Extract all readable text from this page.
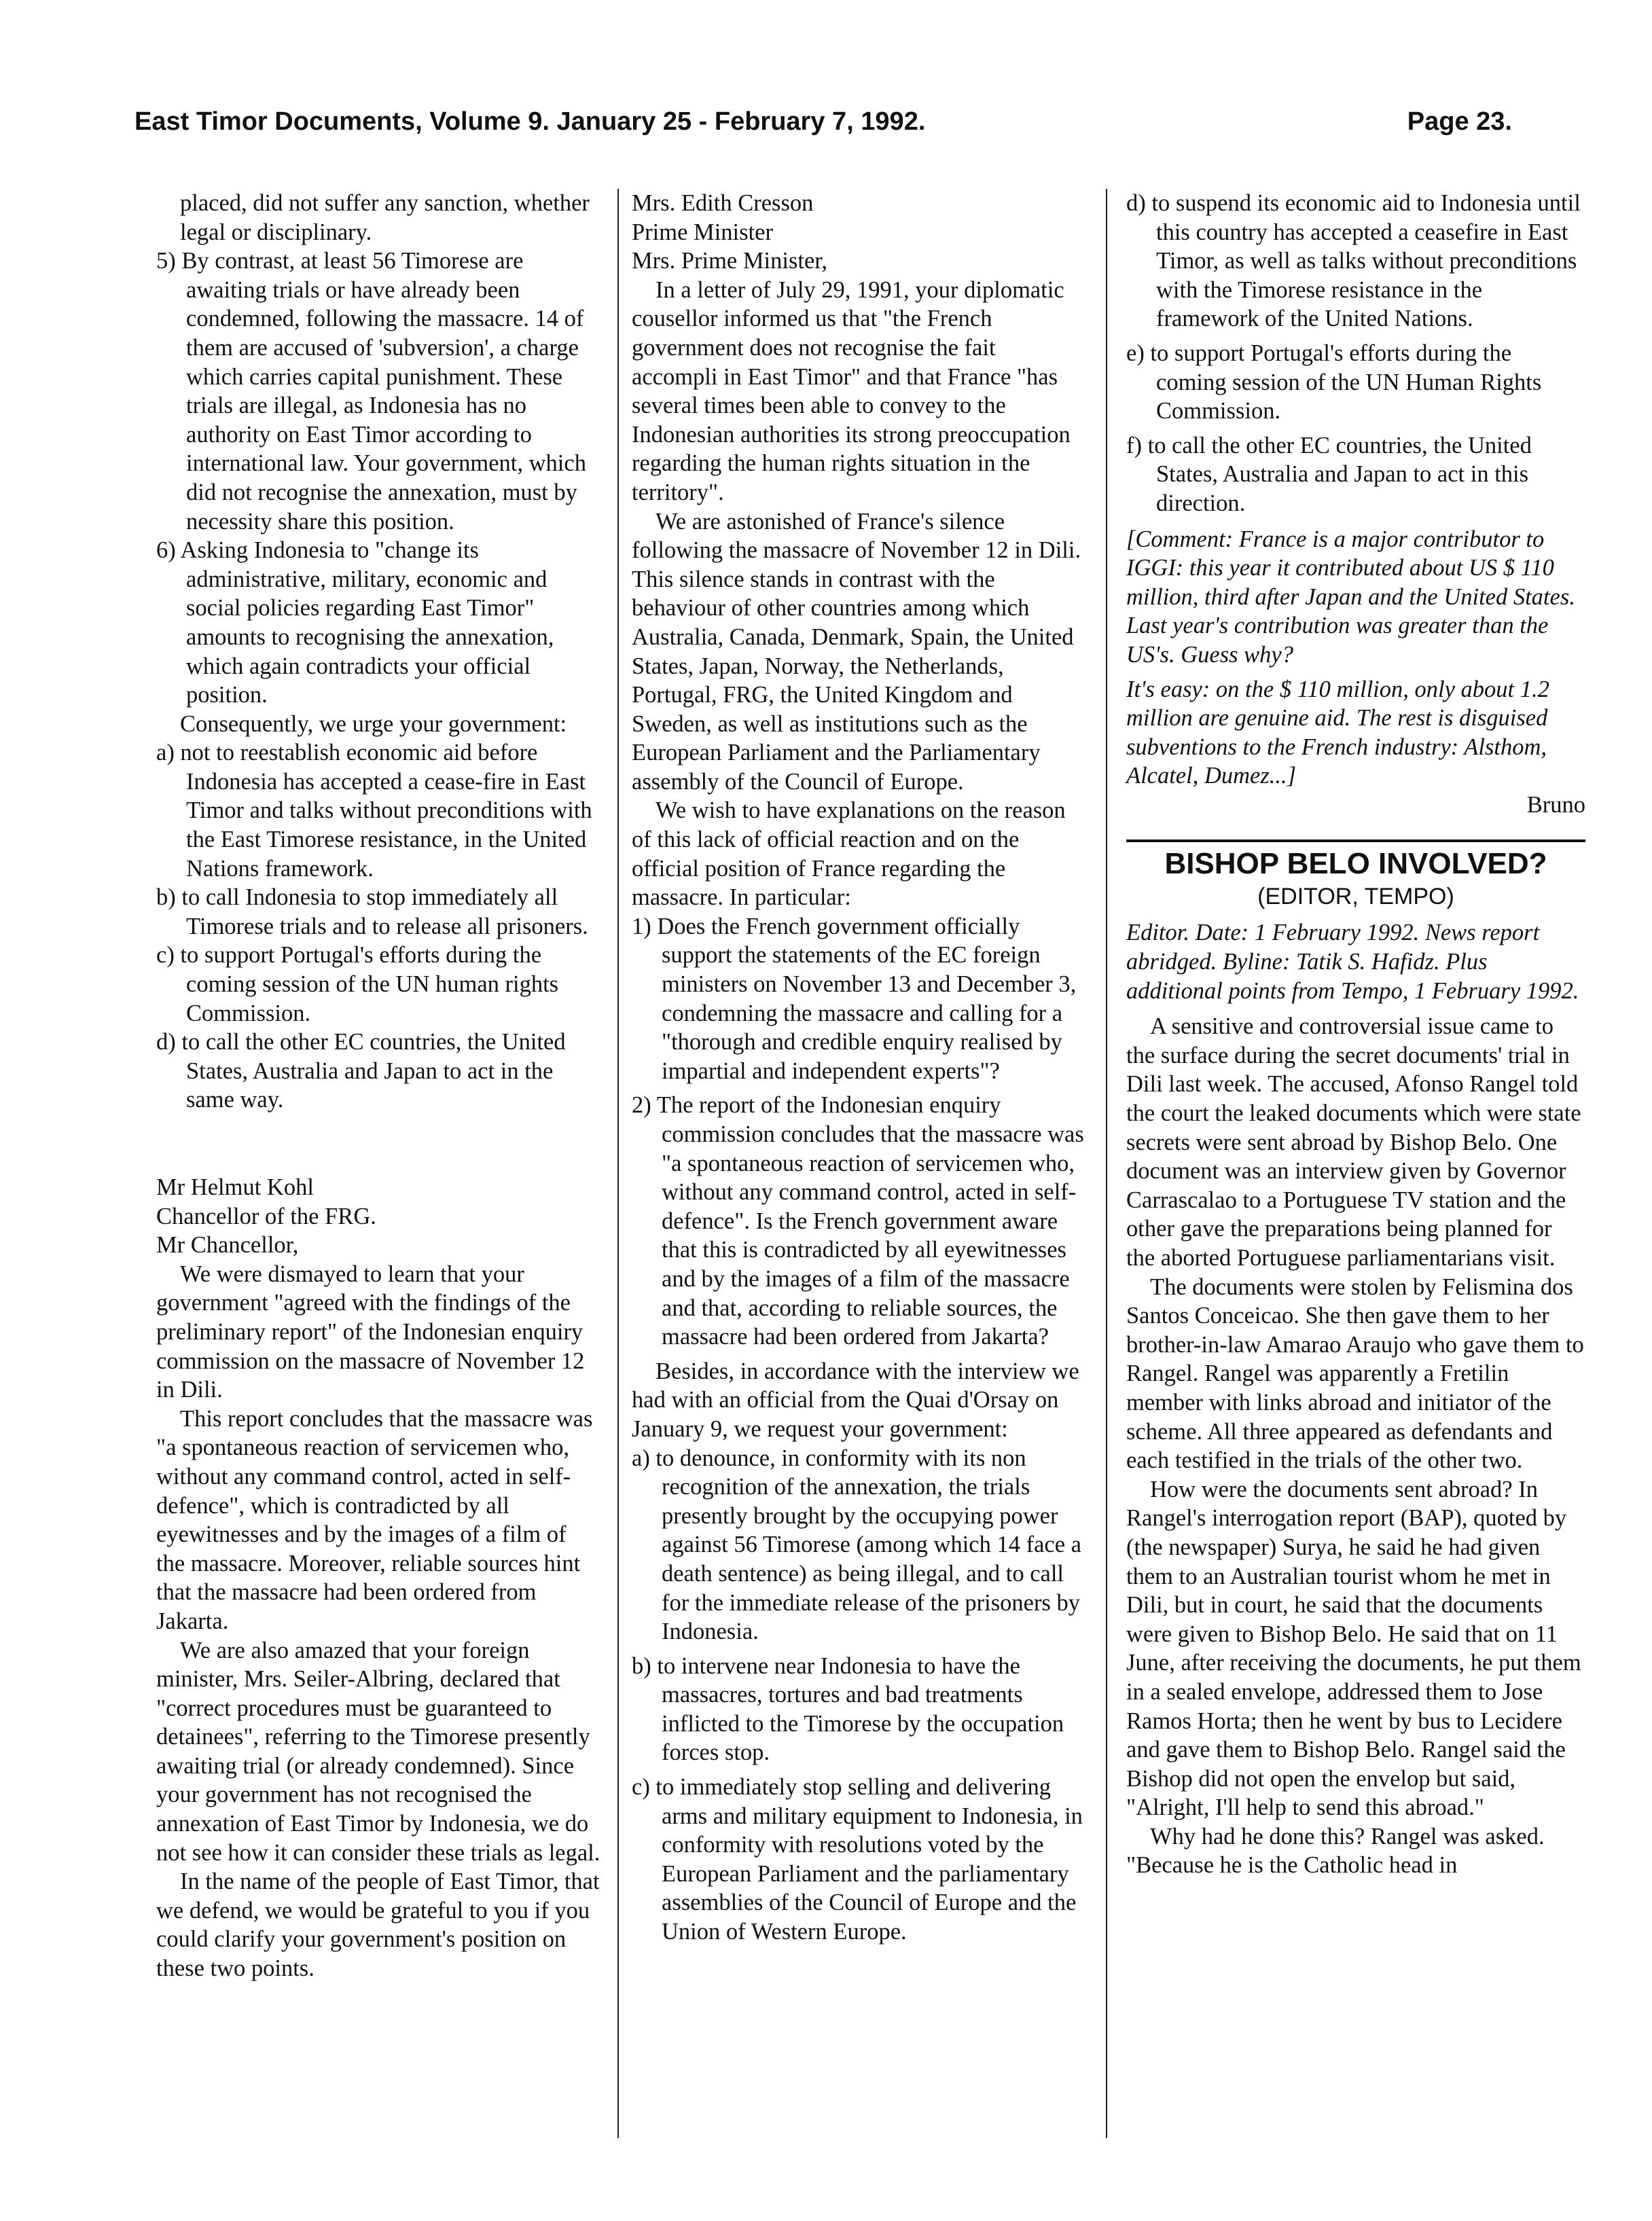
East Timor Documents, Volume 9. January 25 - February 7, 1992.	Page 23.

placed, did not suffer any sanction, whether legal or disciplinary.

5) By contrast, at least 56 Timorese are awaiting trials or have already been condemned, following the massacre. 14 of them are accused of 'subversion', a charge which carries capital punishment. These trials are illegal, as Indonesia has no authority on East Timor according to international law. Your government, which did not recognise the annexation, must by necessity share this position.

6) Asking Indonesia to "change its administrative, military, economic and social policies regarding East Timor" amounts to recognising the annexation, which again contradicts your official position.

Consequently, we urge your government:

a) not to reestablish economic aid before Indonesia has accepted a cease-fire in East Timor and talks without preconditions with the East Timorese resistance, in the United Nations framework.

b) to call Indonesia to stop immediately all Timorese trials and to release all prisoners.

c) to support Portugal's efforts during the coming session of the UN human rights Commission.

d) to call the other EC countries, the United States, Australia and Japan to act in the same way.

Mr Helmut Kohl

Chancellor of the FRG.

Mr Chancellor,

We were dismayed to learn that your government "agreed with the findings of the preliminary report" of the Indonesian enquiry commission on the massacre of November 12 in Dili.

This report concludes that the massacre was "a spontaneous reaction of servicemen who, without any command control, acted in self-defence", which is contradicted by all eyewitnesses and by the images of a film of the massacre. Moreover, reliable sources hint that the massacre had been ordered from Jakarta.

We are also amazed that your foreign minister, Mrs. Seiler-Albring, declared that "correct procedures must be guaranteed to detainees", referring to the Timorese presently awaiting trial (or already condemned). Since your government has not recognised the annexation of East Timor by Indonesia, we do not see how it can consider these trials as legal.

In the name of the people of East Timor, that we defend, we would be grateful to you if you could clarify your government's position on these two points.

Mrs. Edith Cresson

Prime Minister

Mrs. Prime Minister,

In a letter of July 29, 1991, your diplomatic cousellor informed us that "the French government does not recognise the fait accompli in East Timor" and that France "has several times been able to convey to the Indonesian authorities its strong preoccupation regarding the human rights situation in the territory".

We are astonished of France's silence following the massacre of November 12 in Dili. This silence stands in contrast with the behaviour of other countries among which Australia, Canada, Denmark, Spain, the United States, Japan, Norway, the Netherlands, Portugal, FRG, the United Kingdom and Sweden, as well as institutions such as the European Parliament and the Parliamentary assembly of the Council of Europe.

We wish to have explanations on the reason of this lack of official reaction and on the official position of France regarding the massacre. In particular:

1) Does the French government officially support the statements of the EC foreign ministers on November 13 and December 3, condemning the massacre and calling for a "thorough and credible enquiry realised by impartial and independent experts"?

2) The report of the Indonesian enquiry commission concludes that the massacre was "a spontaneous reaction of servicemen who, without any command control, acted in self-defence". Is the French government aware that this is contradicted by all eyewitnesses and by the images of a film of the massacre and that, according to reliable sources, the massacre had been ordered from Jakarta?

Besides, in accordance with the interview we had with an official from the Quai d'Orsay on January 9, we request your government:

a) to denounce, in conformity with its non recognition of the annexation, the trials presently brought by the occupying power against 56 Timorese (among which 14 face a death sentence) as being illegal, and to call for the immediate release of the prisoners by Indonesia.

b) to intervene near Indonesia to have the massacres, tortures and bad treatments inflicted to the Timorese by the occupation forces stop.

c) to immediately stop selling and delivering arms and military equipment to Indonesia, in conformity with resolutions voted by the European Parliament and the parliamentary assemblies of the Council of Europe and the Union of Western Europe.

d) to suspend its economic aid to Indonesia until this country has accepted a ceasefire in East Timor, as well as talks without preconditions with the Timorese resistance in the framework of the United Nations.

e) to support Portugal's efforts during the coming session of the UN Human Rights Commission.

f) to call the other EC countries, the United States, Australia and Japan to act in this direction.

[Comment: France is a major contributor to IGGI: this year it contributed about US $ 110 million, third after Japan and the United States. Last year's contribution was greater than the US's. Guess why?

It's easy: on the $ 110 million, only about 1.2 million are genuine aid. The rest is disguised subventions to the French industry: Alsthom, Alcatel, Dumez...]

Bruno

BISHOP BELO INVOLVED?

(EDITOR, TEMPO)

Editor. Date: 1 February 1992. News report abridged. Byline: Tatik S. Hafidz. Plus additional points from Tempo, 1 February 1992.

A sensitive and controversial issue came to the surface during the secret documents' trial in Dili last week. The accused, Afonso Rangel told the court the leaked documents which were state secrets were sent abroad by Bishop Belo. One document was an interview given by Governor Carrascalao to a Portuguese TV station and the other gave the preparations being planned for the aborted Portuguese parliamentarians visit.

The documents were stolen by Felismina dos Santos Conceicao. She then gave them to her brother-in-law Amarao Araujo who gave them to Rangel. Rangel was apparently a Fretilin member with links abroad and initiator of the scheme. All three appeared as defendants and each testified in the trials of the other two.

How were the documents sent abroad? In Rangel's interrogation report (BAP), quoted by (the newspaper) Surya, he said he had given them to an Australian tourist whom he met in Dili, but in court, he said that the documents were given to Bishop Belo. He said that on 11 June, after receiving the documents, he put them in a sealed envelope, addressed them to Jose Ramos Horta; then he went by bus to Lecidere and gave them to Bishop Belo. Rangel said the Bishop did not open the envelop but said, "Alright, I'll help to send this abroad."

Why had he done this? Rangel was asked. "Because he is the Catholic head in
